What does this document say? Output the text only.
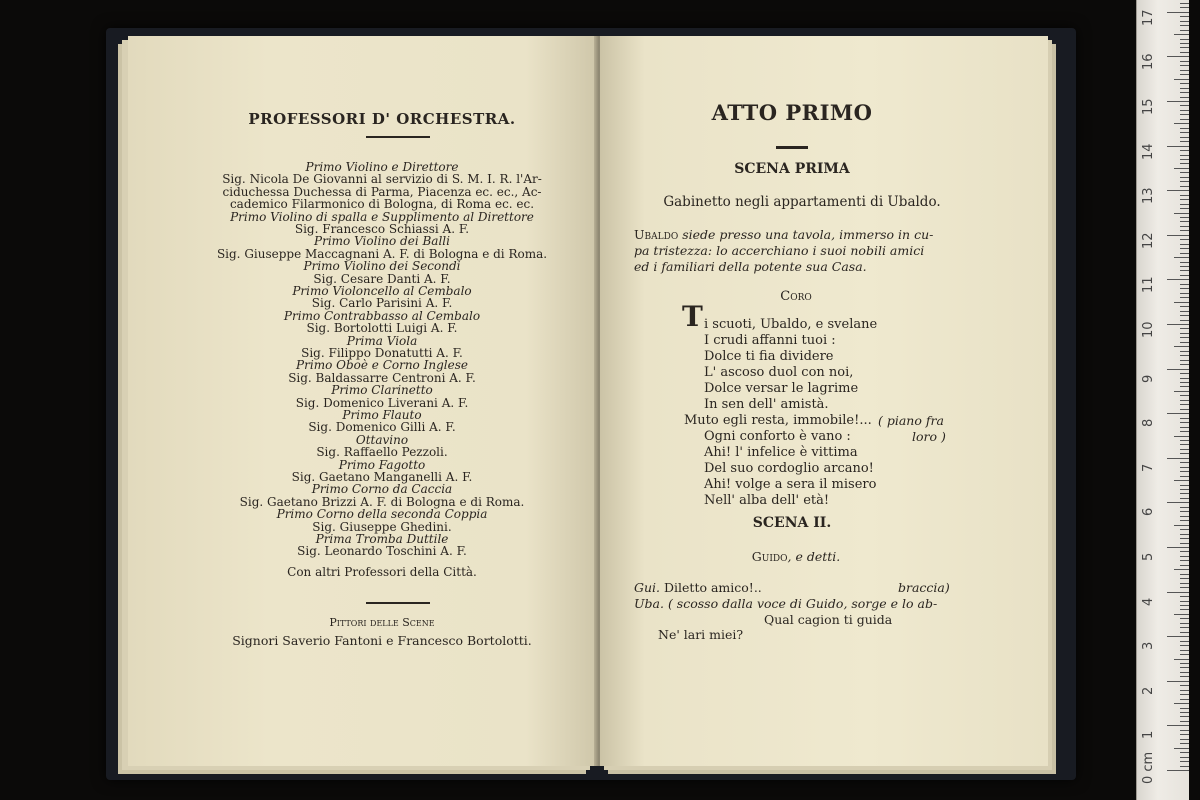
PROFESSORI D' ORCHESTRA.
Primo Violino e Direttore
Sig. Nicola De Giovanni al servizio di S. M. I. R. l'Ar-
ciduchessa Duchessa di Parma, Piacenza ec. ec., Ac-
cademico Filarmonico di Bologna, di Roma ec. ec.
Primo Violino di spalla e Supplimento al Direttore
Sig. Francesco Schiassi A. F.
Primo Violino dei Balli
Sig. Giuseppe Maccagnani A. F. di Bologna e di Roma.
Primo Violino dei Secondi
Sig. Cesare Danti A. F.
Primo Violoncello al Cembalo
Sig. Carlo Parisini A. F.
Primo Contrabbasso al Cembalo
Sig. Bortolotti Luigi A. F.
Prima Viola
Sig. Filippo Donatutti A. F.
Primo Oboè e Corno Inglese
Sig. Baldassarre Centroni A. F.
Primo Clarinetto
Sig. Domenico Liverani A. F.
Primo Flauto
Sig. Domenico Gilli A. F.
Ottavino
Sig. Raffaello Pezzoli.
Primo Fagotto
Sig. Gaetano Manganelli A. F.
Primo Corno da Caccia
Sig. Gaetano Brizzi A. F. di Bologna e di Roma.
Primo Corno della seconda Coppia
Sig. Giuseppe Ghedini.
Prima Tromba Duttile
Sig. Leonardo Toschini A. F.
Con altri Professori della Città.
Pittori delle Scene
Signori Saverio Fantoni e Francesco Bortolotti.
ATTO PRIMO
SCENA PRIMA
Gabinetto negli appartamenti di Ubaldo.
Ubaldo siede presso una tavola, immerso in cu-
pa tristezza: lo accerchiano i suoi nobili amici
ed i familiari della potente sua Casa.
Coro
T i scuoti, Ubaldo, e svelane
I crudi affanni tuoi :
Dolce ti fia dividere
L' ascoso duol con noi,
Dolce versar le lagrime
In sen dell' amistà.
Muto egli resta, immobile!...
Ogni conforto è vano :
Ahi! l' infelice è vittima
Del suo cordoglio arcano!
Ahi! volge a sera il misero
Nell' alba dell' età!
( piano fra
loro )
SCENA II.
Guido, e detti.
Gui. Diletto amico!..	braccia)
Uba. ( scosso dalla voce di Guido, sorge e lo ab-
Qual cagion ti guida
Ne' lari miei?
17
16
15
14
13
12
11
10
9
8
7
6
5
4
3
2
1
0 cm
